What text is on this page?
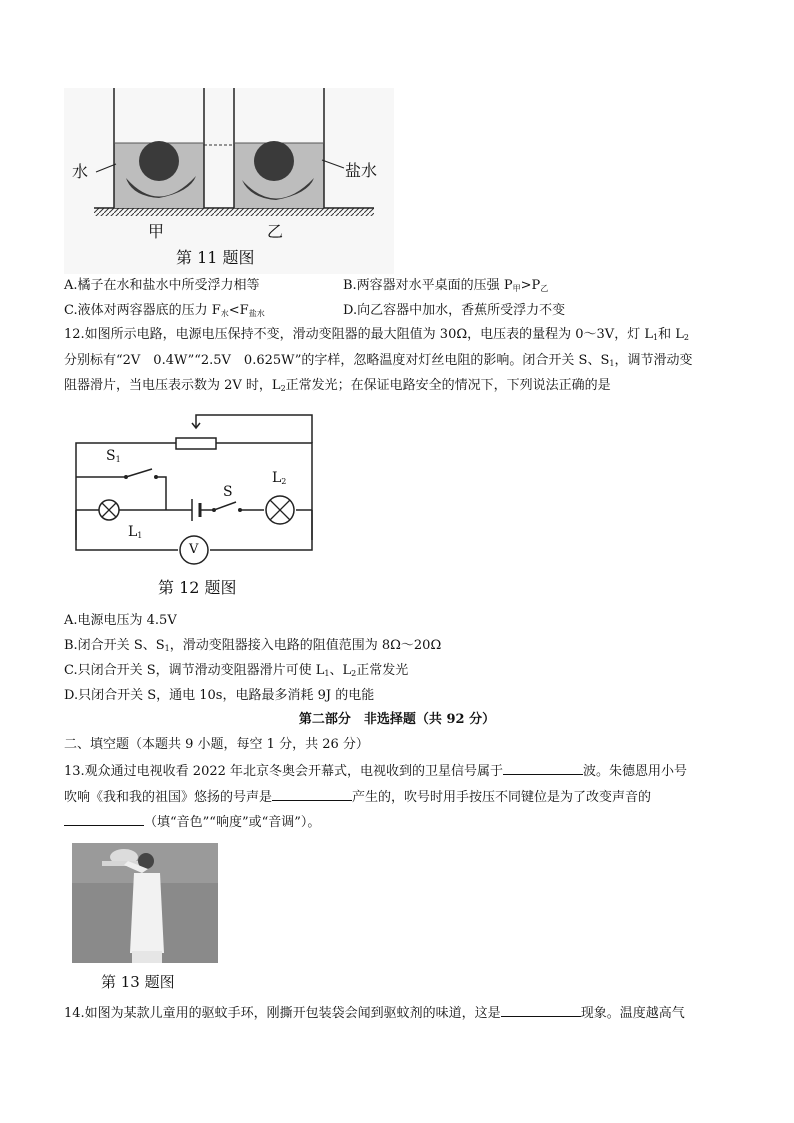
水	盐水
甲	乙
第 11 题图
A.橘子在水和盐水中所受浮力相等	B.两容器对水平桌面的压强 $P_甲>P_乙$
C.液体对两容器底的压力 $F_水<F_{盐水}$	D.向乙容器中加水，香蕉所受浮力不变
12.如图所示电路，电源电压保持不变，滑动变阻器的最大阻值为 30Ω，电压表的量程为 0～3V，灯 $L_1$和 $L_2$
分别标有“2V　0.4W”“2.5V　0.625W”的字样，忽略温度对灯丝电阻的影响。闭合开关 S、$S_1$，调节滑动变
阻器滑片，当电压表示数为 2V 时，$L_2$正常发光；在保证电路安全的情况下，下列说法正确的是
$S_1$
S
$L_2$
$L_1$
V
第 12 题图
A.电源电压为 4.5V
B.闭合开关 S、$S_1$，滑动变阻器接入电路的阻值范围为 8Ω～20Ω
C.只闭合开关 S，调节滑动变阻器滑片可使 $L_1$、$L_2$正常发光
D.只闭合开关 S，通电 10s，电路最多消耗 9J 的电能
第二部分　非选择题（共 92 分）
二、填空题（本题共 9 小题，每空 1 分，共 26 分）
13.观众通过电视收看 2022 年北京冬奥会开幕式，电视收到的卫星信号属于	波。朱德恩用小号
吹响《我和我的祖国》悠扬的号声是	产生的，吹号时用手按压不同键位是为了改变声音的
（填“音色”“响度”或“音调”）。
第 13 题图
14.如图为某款儿童用的驱蚊手环，刚撕开包装袋会闻到驱蚊剂的味道，这是	现象。温度越高气
